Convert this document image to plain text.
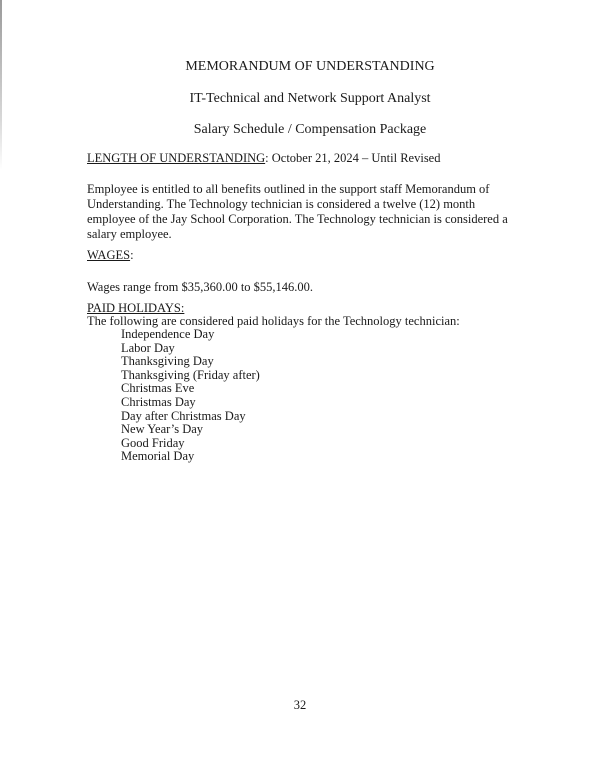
MEMORANDUM OF UNDERSTANDING
IT-Technical and Network Support Analyst
Salary Schedule / Compensation Package
LENGTH OF UNDERSTANDING: October 21, 2024 – Until Revised
Employee is entitled to all benefits outlined in the support staff Memorandum of Understanding. The Technology technician is considered a twelve (12) month employee of the Jay School Corporation. The Technology technician is considered a salary employee.
WAGES:
Wages range from $35,360.00 to $55,146.00.
PAID HOLIDAYS:
The following are considered paid holidays for the Technology technician:
Independence Day
Labor Day
Thanksgiving Day
Thanksgiving (Friday after)
Christmas Eve
Christmas Day
Day after Christmas Day
New Year’s Day
Good Friday
Memorial Day
32
